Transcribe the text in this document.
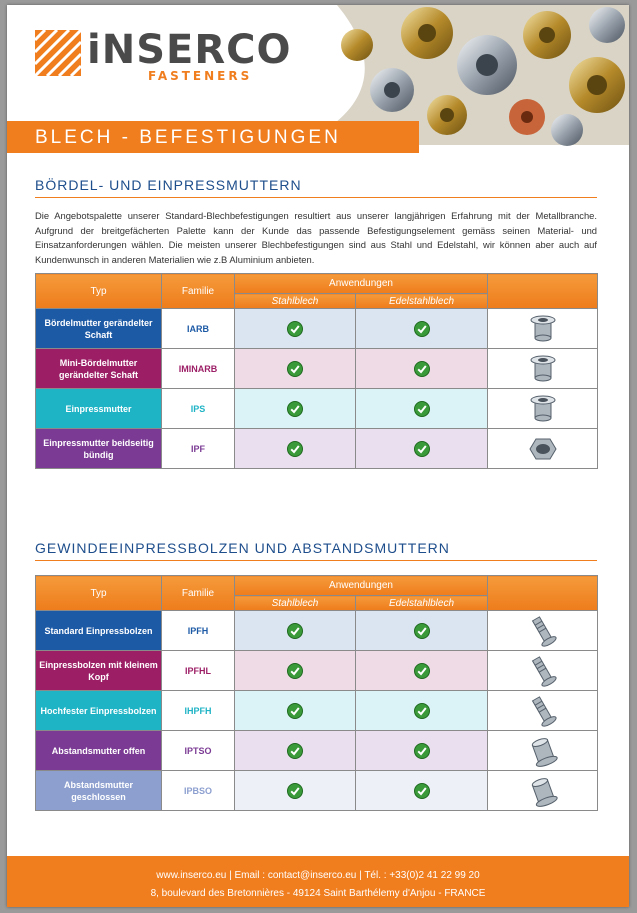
iNSERCO
FASTENERS
BLECH - BEFESTIGUNGEN
BÖRDEL- UND EINPRESSMUTTERN
Die Angebotspalette unserer Standard-Blechbefestigungen resultiert aus unserer langjährigen Erfahrung mit der Metallbranche. Aufgrund der breitgefächerten Palette kann der Kunde das passende Befestigungselement gemäss seinen Material- und Einsatzanforderungen wählen. Die meisten unserer Blechbefestigungen sind aus Stahl und Edelstahl, wir können aber auch auf Kundenwunsch in anderen Materialien wie z.B Aluminium anbieten.
Typ	Familie	Anwendungen		
		Stahlblech	Edelstahlblech	
Bördelmutter gerändelter Schaft	IARB	

Mini-Bördelmutter gerändelter Schaft	IMINARB	

Einpressmutter	IPS	

Einpressmutter beidseitig bündig	IPF	

GEWINDEEINPRESSBOLZEN UND ABSTANDSMUTTERN
Typ	Familie	Anwendungen		
		Stahlblech	Edelstahlblech	
Standard Einpressbolzen	IPFH	

Einpressbolzen mit kleinem Kopf	IPFHL	

Hochfester Einpressbolzen	IHPFH	

Abstandsmutter offen	IPTSO	

Abstandsmutter geschlossen	IPBSO	

www.inserco.eu | Email : contact@inserco.eu | Tél. : +33(0)2 41 22 99 20
8, boulevard des Bretonnières - 49124 Saint Barthélemy d'Anjou - FRANCE
